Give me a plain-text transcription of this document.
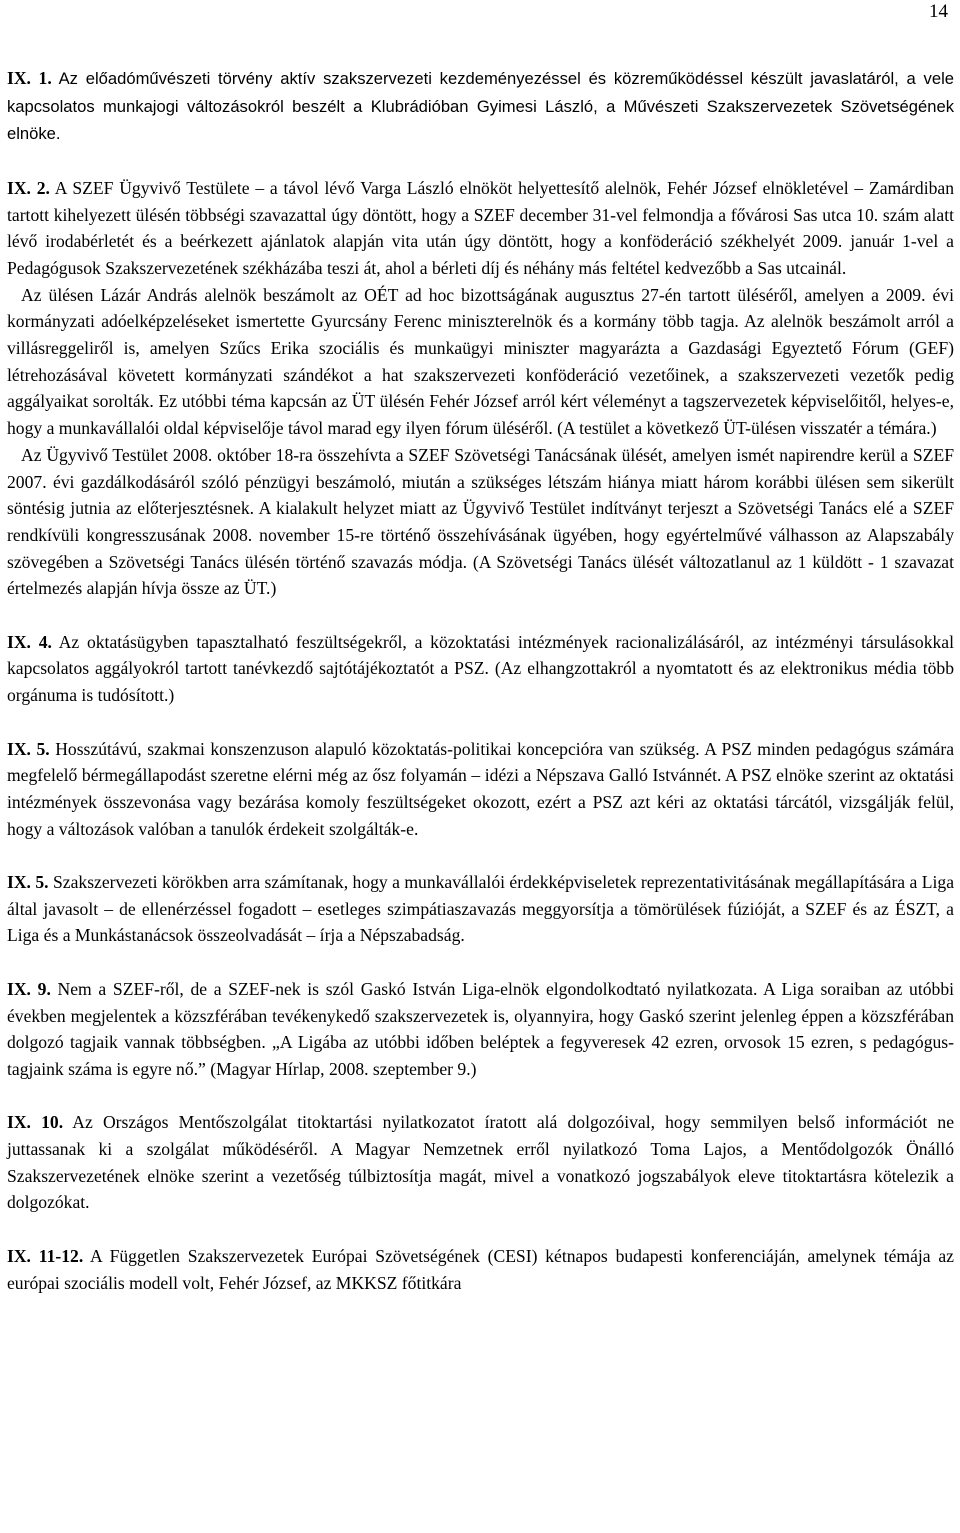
14

IX. 1. Az előadóművészeti törvény aktív szakszervezeti kezdeményezéssel és közreműködéssel készült javaslatáról, a vele kapcsolatos munkajogi változásokról beszélt a Klubrádióban Gyimesi László, a Művészeti Szakszervezetek Szövetségének elnöke.

IX. 2. A SZEF Ügyvivő Testülete – a távol lévő Varga László elnököt helyettesítő alelnök, Fehér József elnökletével – Zamárdiban tartott kihelyezett ülésén többségi szavazattal úgy döntött, hogy a SZEF december 31-vel felmondja a fővárosi Sas utca 10. szám alatt lévő irodabérletét és a beérkezett ajánlatok alapján vita után úgy döntött, hogy a konföderáció székhelyét 2009. január 1-vel a Pedagógusok Szakszervezetének székházába teszi át, ahol a bérleti díj és néhány más feltétel kedvezőbb a Sas utcainál.

Az ülésen Lázár András alelnök beszámolt az OÉT ad hoc bizottságának augusztus 27-én tartott üléséről, amelyen a 2009. évi kormányzati adóelképzeléseket ismertette Gyurcsány Ferenc miniszterelnök és a kormány több tagja. Az alelnök beszámolt arról a villásreggeliről is, amelyen Szűcs Erika szociális és munkaügyi miniszter magyarázta a Gazdasági Egyeztető Fórum (GEF) létrehozásával követett kormányzati szándékot a hat szakszervezeti konföderáció vezetőinek, a szakszervezeti vezetők pedig aggályaikat sorolták. Ez utóbbi téma kapcsán az ÜT ülésén Fehér József arról kért véleményt a tagszervezetek képviselőitől, helyes-e, hogy a munkavállalói oldal képviselője távol marad egy ilyen fórum üléséről. (A testület a következő ÜT-ülésen visszatér a témára.)

Az Ügyvivő Testület 2008. október 18-ra összehívta a SZEF Szövetségi Tanácsának ülését, amelyen ismét napirendre kerül a SZEF 2007. évi gazdálkodásáról szóló pénzügyi beszámoló, miután a szükséges létszám hiánya miatt három korábbi ülésen sem sikerült söntésig jutnia az előterjesztésnek. A kialakult helyzet miatt az Ügyvivő Testület indítványt terjeszt a Szövetségi Tanács elé a SZEF rendkívüli kongresszusának 2008. november 15-re történő összehívásának ügyében, hogy egyértelművé válhasson az Alapszabály szövegében a Szövetségi Tanács ülésén történő szavazás módja. (A Szövetségi Tanács ülését változatlanul az 1 küldött - 1 szavazat értelmezés alapján hívja össze az ÜT.)

IX. 4. Az oktatásügyben tapasztalható feszültségekről, a közoktatási intézmények racionalizálásáról, az intézményi társulásokkal kapcsolatos aggályokról tartott tanévkezdő sajtótájékoztatót a PSZ. (Az elhangzottakról a nyomtatott és az elektronikus média több orgánuma is tudósított.)

IX. 5. Hosszútávú, szakmai konszenzuson alapuló közoktatás-politikai koncepcióra van szükség. A PSZ minden pedagógus számára megfelelő bérmegállapodást szeretne elérni még az ősz folyamán – idézi a Népszava Galló Istvánnét. A PSZ elnöke szerint az oktatási intézmények összevonása vagy bezárása komoly feszültségeket okozott, ezért a PSZ azt kéri az oktatási tárcától, vizsgálják felül, hogy a változások valóban a tanulók érdekeit szolgálták-e.

IX. 5. Szakszervezeti körökben arra számítanak, hogy a munkavállalói érdekképviseletek reprezentativitásának megállapítására a Liga által javasolt – de ellenérzéssel fogadott – esetleges szimpátiaszavazás meggyorsítja a tömörülések fúzióját, a SZEF és az ÉSZT, a Liga és a Munkástanácsok összeolvadását – írja a Népszabadság.

IX. 9. Nem a SZEF-ről, de a SZEF-nek is szól Gaskó István Liga-elnök elgondolkodtató nyilatkozata. A Liga soraiban az utóbbi években megjelentek a közszférában tevékenykedő szakszervezetek is, olyannyira, hogy Gaskó szerint jelenleg éppen a közszférában dolgozó tagjaik vannak többségben. „A Ligába az utóbbi időben beléptek a fegyveresek 42 ezren, orvosok 15 ezren, s pedagógus-tagjaink száma is egyre nő.” (Magyar Hírlap, 2008. szeptember 9.)

IX. 10. Az Országos Mentőszolgálat titoktartási nyilatkozatot íratott alá dolgozóival, hogy semmilyen belső információt ne juttassanak ki a szolgálat működéséről. A Magyar Nemzetnek erről nyilatkozó Toma Lajos, a Mentődolgozók Önálló Szakszervezetének elnöke szerint a vezetőség túlbiztosítja magát, mivel a vonatkozó jogszabályok eleve titoktartásra kötelezik a dolgozókat.

IX. 11-12. A Független Szakszervezetek Európai Szövetségének (CESI) kétnapos budapesti konferenciáján, amelynek témája az európai szociális modell volt, Fehér József, az MKKSZ főtitkára
